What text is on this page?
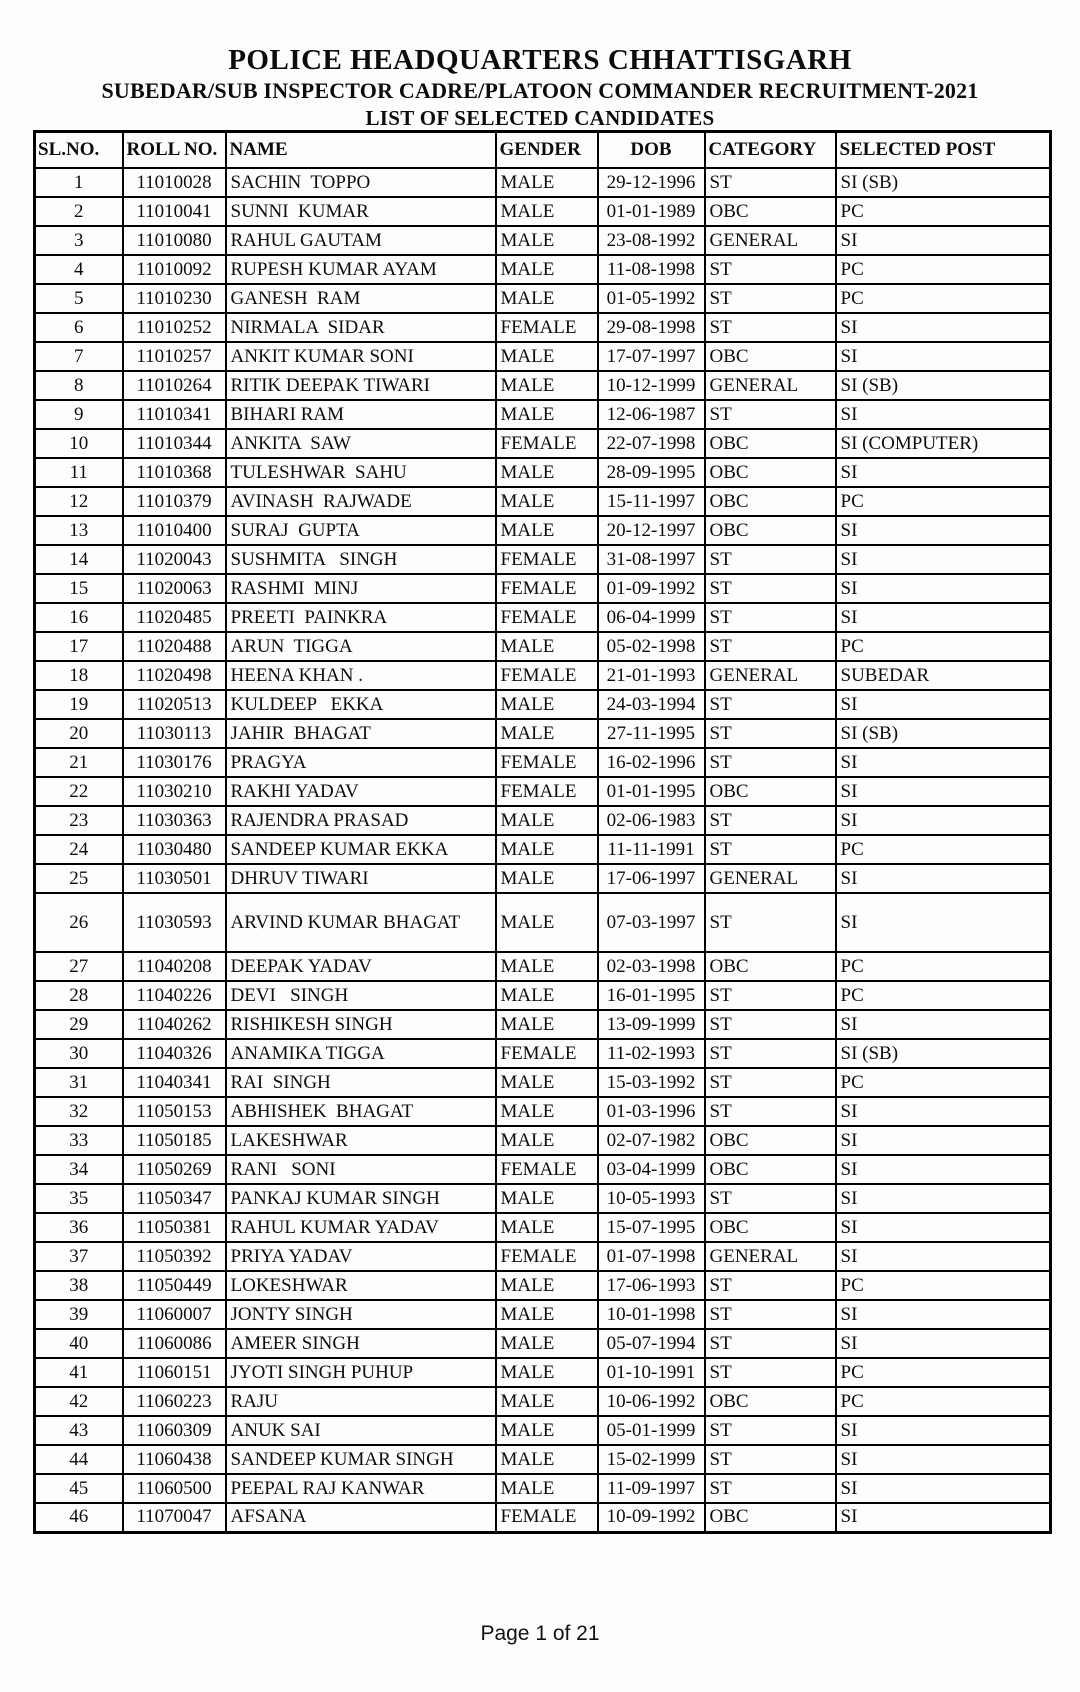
POLICE HEADQUARTERS CHHATTISGARH
SUBEDAR/SUB INSPECTOR CADRE/PLATOON COMMANDER RECRUITMENT-2021
LIST OF SELECTED CANDIDATES
SL.NO.	ROLL NO.	NAME	GENDER	DOB	CATEGORY	SELECTED POST
1	11010028	SACHIN  TOPPO	MALE	29-12-1996	ST	SI (SB)
2	11010041	SUNNI  KUMAR	MALE	01-01-1989	OBC	PC
3	11010080	RAHUL GAUTAM	MALE	23-08-1992	GENERAL	SI
4	11010092	RUPESH KUMAR AYAM	MALE	11-08-1998	ST	PC
5	11010230	GANESH  RAM	MALE	01-05-1992	ST	PC
6	11010252	NIRMALA  SIDAR	FEMALE	29-08-1998	ST	SI
7	11010257	ANKIT KUMAR SONI	MALE	17-07-1997	OBC	SI
8	11010264	RITIK DEEPAK TIWARI	MALE	10-12-1999	GENERAL	SI (SB)
9	11010341	BIHARI RAM	MALE	12-06-1987	ST	SI
10	11010344	ANKITA  SAW	FEMALE	22-07-1998	OBC	SI (COMPUTER)
11	11010368	TULESHWAR  SAHU	MALE	28-09-1995	OBC	SI
12	11010379	AVINASH  RAJWADE	MALE	15-11-1997	OBC	PC
13	11010400	SURAJ  GUPTA	MALE	20-12-1997	OBC	SI
14	11020043	SUSHMITA   SINGH	FEMALE	31-08-1997	ST	SI
15	11020063	RASHMI  MINJ	FEMALE	01-09-1992	ST	SI
16	11020485	PREETI  PAINKRA	FEMALE	06-04-1999	ST	SI
17	11020488	ARUN  TIGGA	MALE	05-02-1998	ST	PC
18	11020498	HEENA KHAN .	FEMALE	21-01-1993	GENERAL	SUBEDAR
19	11020513	KULDEEP   EKKA	MALE	24-03-1994	ST	SI
20	11030113	JAHIR  BHAGAT	MALE	27-11-1995	ST	SI (SB)
21	11030176	PRAGYA	FEMALE	16-02-1996	ST	SI
22	11030210	RAKHI YADAV	FEMALE	01-01-1995	OBC	SI
23	11030363	RAJENDRA PRASAD	MALE	02-06-1983	ST	SI
24	11030480	SANDEEP KUMAR EKKA	MALE	11-11-1991	ST	PC
25	11030501	DHRUV TIWARI	MALE	17-06-1997	GENERAL	SI
26	11030593	ARVIND KUMAR BHAGAT	MALE	07-03-1997	ST	SI
27	11040208	DEEPAK YADAV	MALE	02-03-1998	OBC	PC
28	11040226	DEVI   SINGH	MALE	16-01-1995	ST	PC
29	11040262	RISHIKESH SINGH	MALE	13-09-1999	ST	SI
30	11040326	ANAMIKA TIGGA	FEMALE	11-02-1993	ST	SI (SB)
31	11040341	RAI  SINGH	MALE	15-03-1992	ST	PC
32	11050153	ABHISHEK  BHAGAT	MALE	01-03-1996	ST	SI
33	11050185	LAKESHWAR	MALE	02-07-1982	OBC	SI
34	11050269	RANI   SONI	FEMALE	03-04-1999	OBC	SI
35	11050347	PANKAJ KUMAR SINGH	MALE	10-05-1993	ST	SI
36	11050381	RAHUL KUMAR YADAV	MALE	15-07-1995	OBC	SI
37	11050392	PRIYA YADAV	FEMALE	01-07-1998	GENERAL	SI
38	11050449	LOKESHWAR	MALE	17-06-1993	ST	PC
39	11060007	JONTY SINGH	MALE	10-01-1998	ST	SI
40	11060086	AMEER SINGH	MALE	05-07-1994	ST	SI
41	11060151	JYOTI SINGH PUHUP	MALE	01-10-1991	ST	PC
42	11060223	RAJU	MALE	10-06-1992	OBC	PC
43	11060309	ANUK SAI	MALE	05-01-1999	ST	SI
44	11060438	SANDEEP KUMAR SINGH	MALE	15-02-1999	ST	SI
45	11060500	PEEPAL RAJ KANWAR	MALE	11-09-1997	ST	SI
46	11070047	AFSANA	FEMALE	10-09-1992	OBC	SI
Page 1 of 21
